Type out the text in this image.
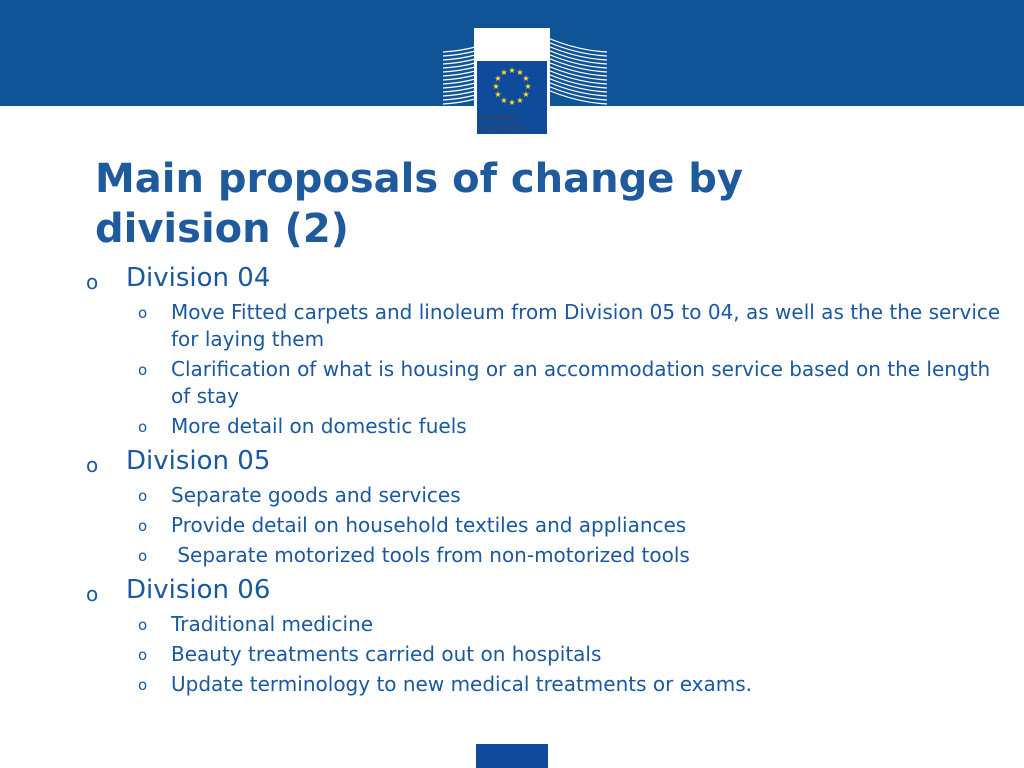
★ ★
★
★
★
★
★
★
★
★
★
★
European
Commission
Main proposals of change by
division (2)
o Division 04
o Move Fitted carpets and linoleum from Division 05 to 04, as well as the the service for laying them
o Clarification of what is housing or an accommodation service based on the length of stay
o More detail on domestic fuels
o Division 05
o Separate goods and services
o Provide detail on household textiles and appliances
o Separate motorized tools from non-motorized tools
o Division 06
o Traditional medicine
o Beauty treatments carried out on hospitals
o Update terminology to new medical treatments or exams.
